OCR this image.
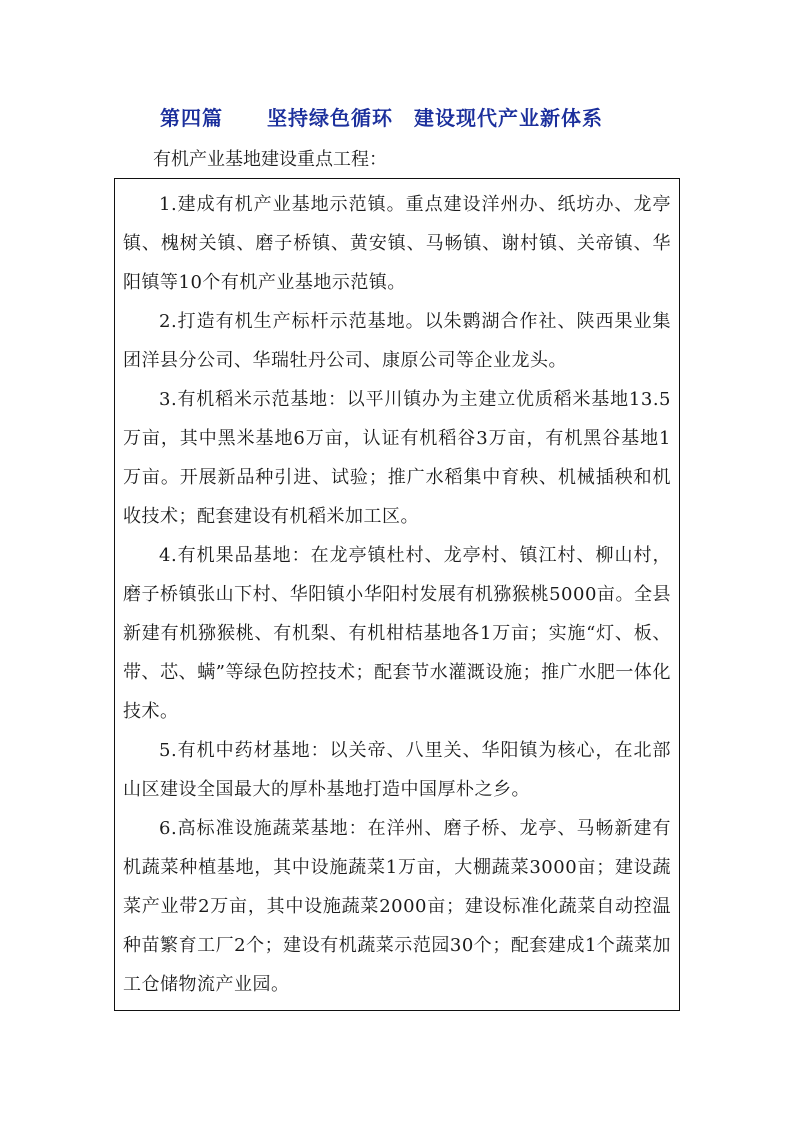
第四篇 坚持绿色循环　建设现代产业新体系
有机产业基地建设重点工程：

1.建成有机产业基地示范镇。重点建设洋州办、纸坊办、龙亭镇、槐树关镇、磨子桥镇、黄安镇、马畅镇、谢村镇、关帝镇、华阳镇等10个有机产业基地示范镇。

2.打造有机生产标杆示范基地。以朱鹮湖合作社、陕西果业集团洋县分公司、华瑞牡丹公司、康原公司等企业龙头。

3.有机稻米示范基地：以平川镇办为主建立优质稻米基地13.5万亩，其中黑米基地6万亩，认证有机稻谷3万亩，有机黑谷基地1万亩。开展新品种引进、试验；推广水稻集中育秧、机械插秧和机收技术；配套建设有机稻米加工区。

4.有机果品基地：在龙亭镇杜村、龙亭村、镇江村、柳山村，磨子桥镇张山下村、华阳镇小华阳村发展有机猕猴桃5000亩。全县新建有机猕猴桃、有机梨、有机柑桔基地各1万亩；实施“灯、板、带、芯、螨”等绿色防控技术；配套节水灌溉设施；推广水肥一体化技术。

5.有机中药材基地：以关帝、八里关、华阳镇为核心，在北部山区建设全国最大的厚朴基地打造中国厚朴之乡。

6.高标准设施蔬菜基地：在洋州、磨子桥、龙亭、马畅新建有机蔬菜种植基地，其中设施蔬菜1万亩，大棚蔬菜3000亩；建设蔬菜产业带2万亩，其中设施蔬菜2000亩；建设标准化蔬菜自动控温种苗繁育工厂2个；建设有机蔬菜示范园30个；配套建成1个蔬菜加工仓储物流产业园。
